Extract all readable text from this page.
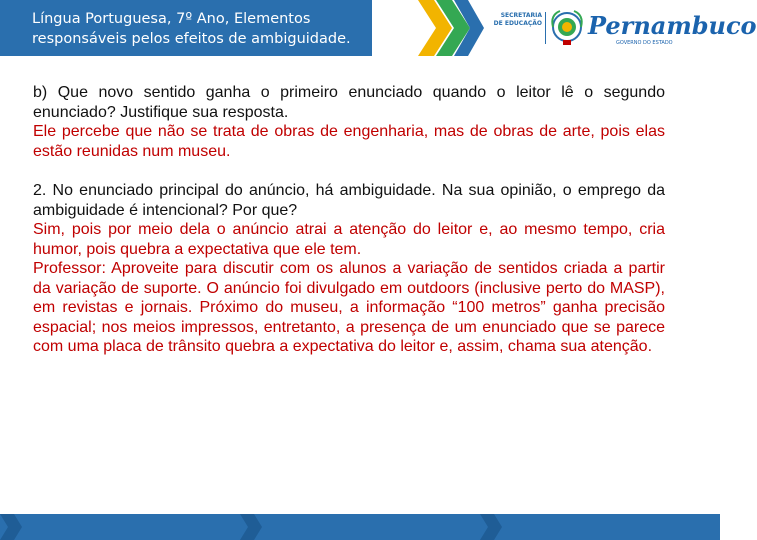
Língua Portuguesa, 7º Ano, Elementos
responsáveis pelos efeitos de ambiguidade.
SECRETARIA
DE EDUCAÇÃO Pernambuco
GOVERNO DO ESTADO

b) Que novo sentido ganha o primeiro enunciado quando o leitor lê o segundo enunciado? Justifique sua resposta.

Ele percebe que não se trata de obras de engenharia, mas de obras de arte, pois elas estão reunidas num museu.

2. No enunciado principal do anúncio, há ambiguidade. Na sua opinião, o emprego da ambiguidade é intencional? Por que?

Sim, pois por meio dela o anúncio atrai a atenção do leitor e, ao mesmo tempo, cria humor, pois quebra a expectativa que ele tem.

Professor: Aproveite para discutir com os alunos a variação de sentidos criada a partir da variação de suporte. O anúncio foi divulgado em outdoors (inclusive perto do MASP), em revistas e jornais. Próximo do museu, a informação “100 metros” ganha precisão espacial; nos meios impressos, entretanto, a presença de um enunciado que se parece com uma placa de trânsito quebra a expectativa do leitor e, assim, chama sua atenção.
